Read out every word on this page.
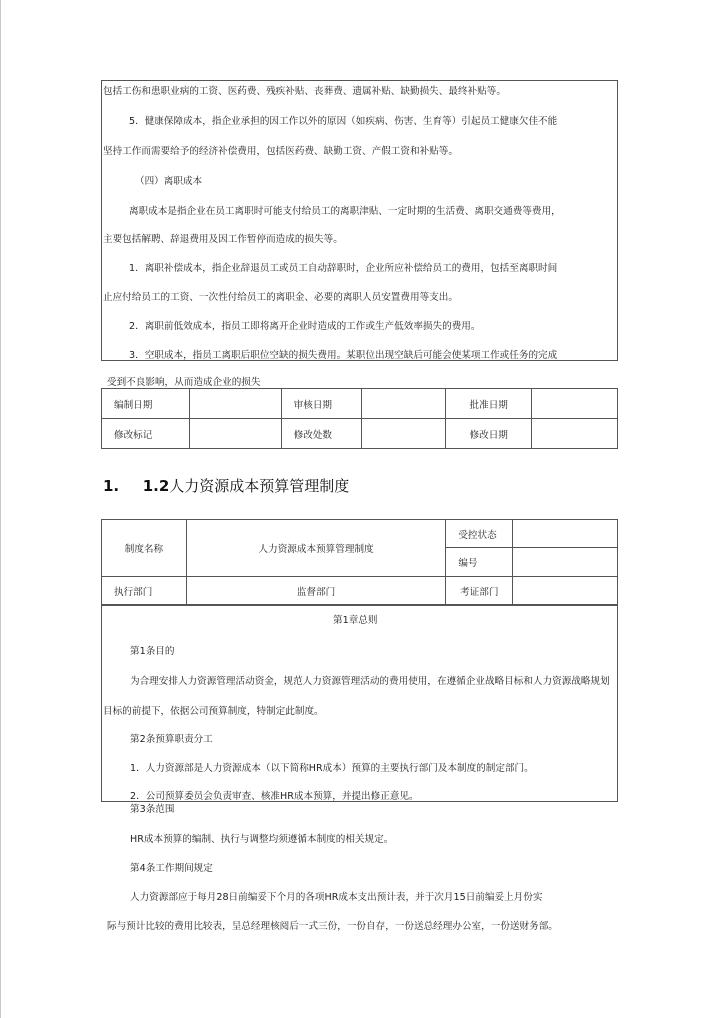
包括工伤和患职业病的工资、医药费、残疾补贴、丧葬费、遗属补贴、缺勤损失、最终补贴等。
5．健康保障成本，指企业承担的因工作以外的原因（如疾病、伤害、生育等）引起员工健康欠佳不能
坚持工作而需要给予的经济补偿费用，包括医药费、缺勤工资、产假工资和补贴等。
（四）离职成本
离职成本是指企业在员工离职时可能支付给员工的离职津贴、一定时期的生活费、离职交通费等费用，
主要包括解聘、辞退费用及因工作暂停而造成的损失等。
1．离职补偿成本，指企业辞退员工或员工自动辞职时，企业所应补偿给员工的费用，包括至离职时间
止应付给员工的工资、一次性付给员工的离职金、必要的离职人员安置费用等支出。
2．离职前低效成本，指员工即将离开企业时造成的工作或生产低效率损失的费用。
3．空职成本，指员工离职后职位空缺的损失费用。某职位出现空缺后可能会使某项工作或任务的完成
受到不良影响，从而造成企业的损失
编制日期		审核日期		批准日期	
修改标记		修改处数		修改日期	
1. 1.2人力资源成本预算管理制度
制度名称	人力资源成本预算管理制度	受控状态	
		编号	
执行部门	监督部门	考证部门	
第1章总则
第1条目的
为合理安排人力资源管理活动资金，规范人力资源管理活动的费用使用，在遵循企业战略目标和人力资源战略规划
目标的前提下，依据公司预算制度，特制定此制度。
第2条预算职责分工
1．人力资源部是人力资源成本（以下简称HR成本）预算的主要执行部门及本制度的制定部门。
2．公司预算委员会负责审查、核准HR成本预算，并提出修正意见。
第3条范围
HR成本预算的编制、执行与调整均须遵循本制度的相关规定。
第4条工作期间规定
人力资源部应于每月28日前编妥下个月的各项HR成本支出预计表，并于次月15日前编妥上月份实
际与预计比较的费用比较表，呈总经理核阅后一式三份，一份自存，一份送总经理办公室，一份送财务部。
